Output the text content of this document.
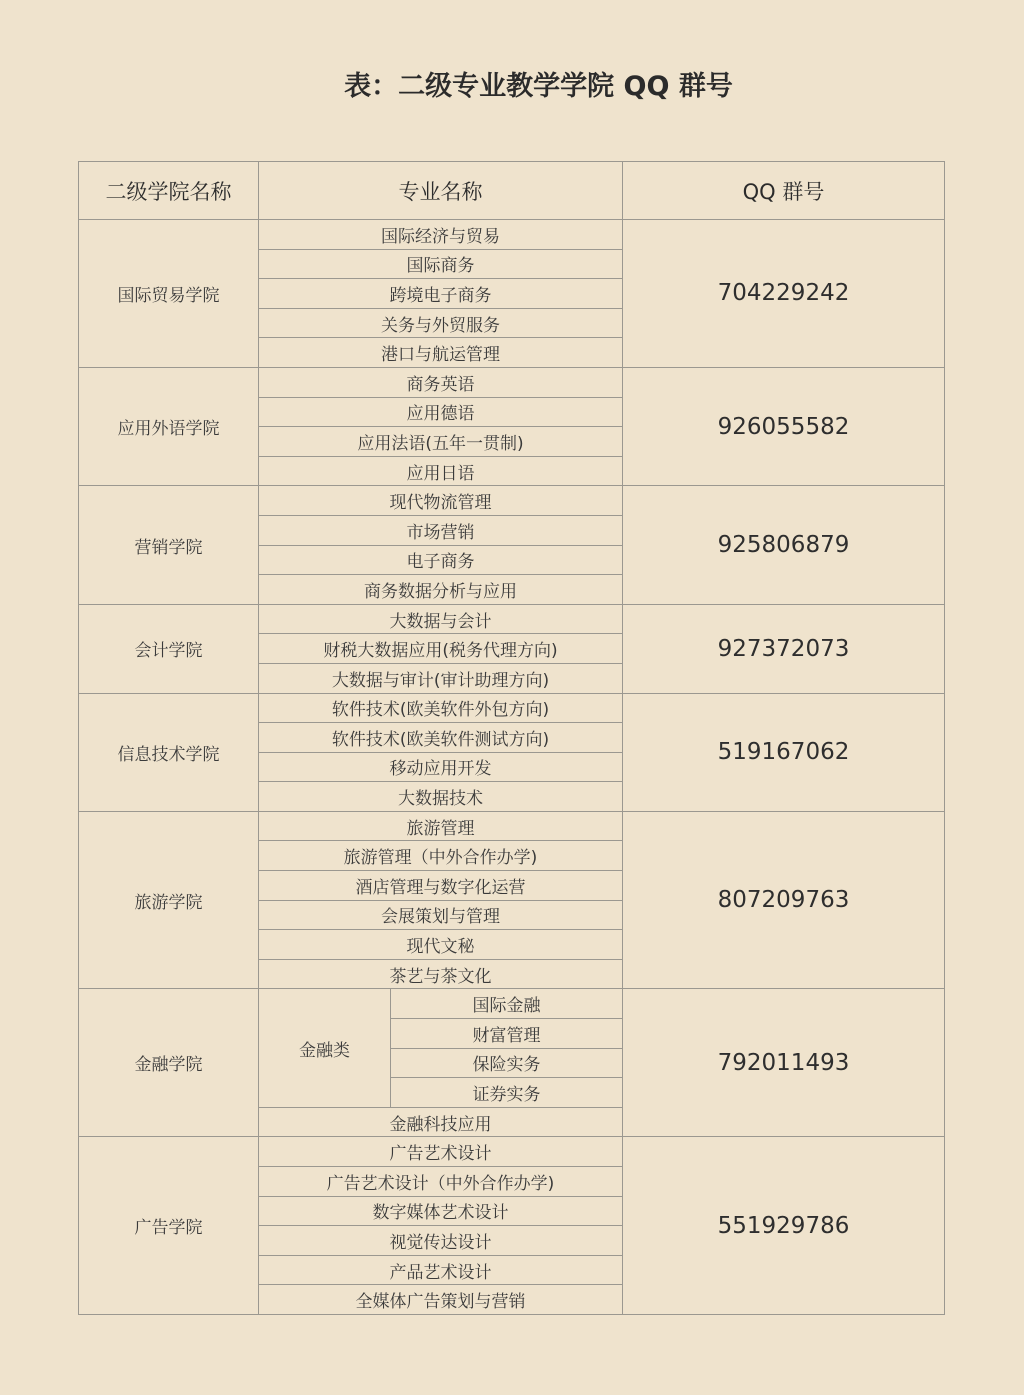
表：二级专业教学学院 QQ 群号
二级学院名称	专业名称		QQ 群号
国际贸易学院	国际经济与贸易		704229242
	国际商务		
	跨境电子商务		
	关务与外贸服务		
	港口与航运管理		
应用外语学院	商务英语		926055582
	应用德语		
	应用法语(五年一贯制)		
	应用日语		
营销学院	现代物流管理		925806879
	市场营销		
	电子商务		
	商务数据分析与应用		
会计学院	大数据与会计		927372073
	财税大数据应用(税务代理方向)		
	大数据与审计(审计助理方向)		
信息技术学院	软件技术(欧美软件外包方向)		519167062
	软件技术(欧美软件测试方向)		
	移动应用开发		
	大数据技术		
旅游学院	旅游管理		807209763
	旅游管理（中外合作办学)		
	酒店管理与数字化运营		
	会展策划与管理		
	现代文秘		
	茶艺与茶文化		
金融学院	金融类	国际金融	792011493
		财富管理	
		保险实务	
		证券实务	
	金融科技应用		
广告学院	广告艺术设计		551929786
	广告艺术设计（中外合作办学)		
	数字媒体艺术设计		
	视觉传达设计		
	产品艺术设计		
	全媒体广告策划与营销		
